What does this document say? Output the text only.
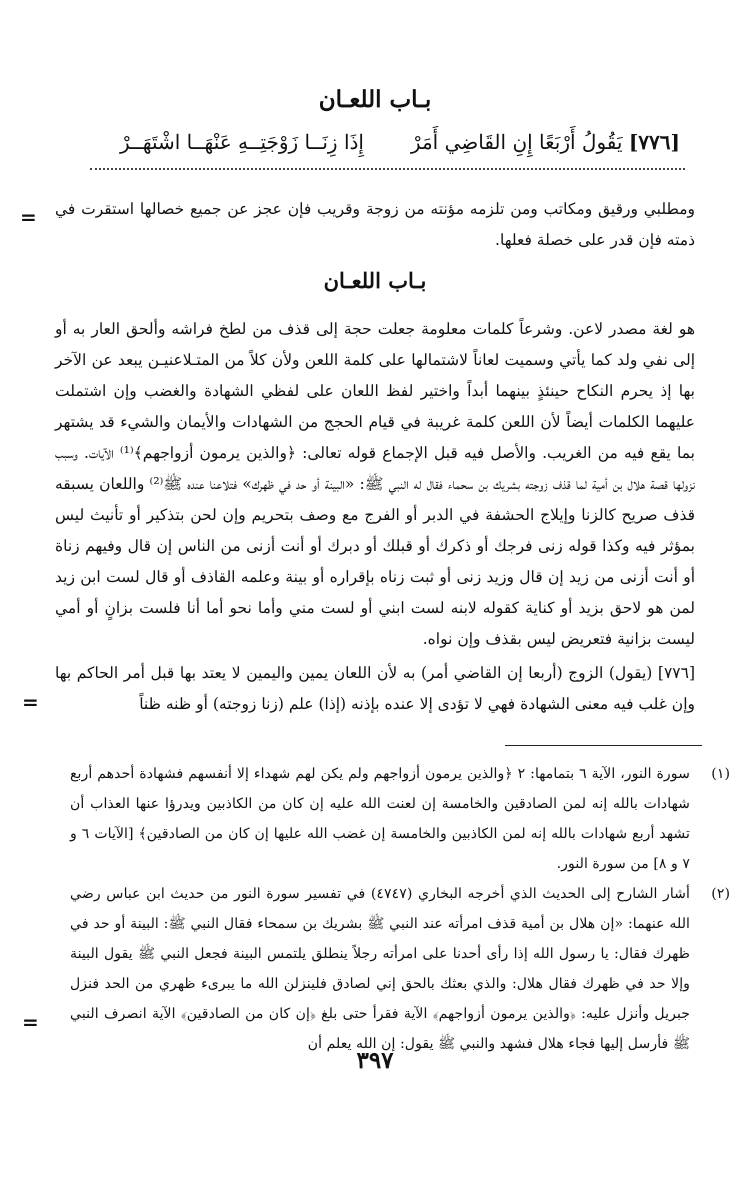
بـاب اللعـان
[٧٧٦] يَقُولُ أَرْبَعًا إِنِ القَاضِي أَمَرْ
إِذَا زِنَــا زَوْجَتِــهِ عَنْهَــا اشْتَهَــرْ
= ومطلبي ورقيق ومكاتب ومن تلزمه مؤنته من زوجة وقريب فإن عجز عن جميع خصالها استقرت في ذمته فإن قدر على خصلة فعلها.
بـاب اللعـان
هو لغة مصدر لاعن. وشرعاً كلمات معلومة جعلت حجة إلى قذف من لطخ فراشه وألحق العار به أو إلى نفي ولد كما يأتي وسميت لعاناً لاشتمالها على كلمة اللعن ولأن كلاً من المتـلاعنيـن يبعد عن الآخر بها إذ يحرم النكاح حينئذٍ بينهما أبداً واختير لفظ اللعان على لفظي الشهادة والغضب وإن اشتملت عليهما الكلمات أيضاً لأن اللعن كلمة غريبة في قيام الحجج من الشهادات والأيمان والشيء قد يشتهر بما يقع فيه من الغريب. والأصل فيه قبل الإجماع قوله تعالى: ﴿والذين يرمون أزواجهم﴾⁽¹⁾ الآيات. وسبب نزولها قصة هلال بن أمية لما قذف زوجته بشريك بن سحماء فقال له النبي ﷺ: «البينة أو حد في ظهرك» فتلاعنا عنده ﷺ⁽²⁾ واللعان يسبقه قذف صريح كالزنا وإيلاج الحشفة في الدبر أو الفرج مع وصف بتحريم وإن لحن بتذكير أو تأنيث ليس بمؤثر فيه وكذا قوله زنى فرجك أو ذكرك أو قبلك أو دبرك أو أنت أزنى من الناس إن قال وفيهم زناة أو أنت أزنى من زيد إن قال وزيد زنى أو ثبت زناه بإقراره أو بينة وعلمه القاذف أو قال لست ابن زيد لمن هو لاحق بزيد أو كناية كقوله لابنه لست ابني أو لست مني وأما نحو أما أنا فلست بزانٍ أو أمي ليست بزانية فتعريض ليس بقذف وإن نواه.
[٧٧٦] (يقول) الزوج (أربعا إن القاضي أمر) به لأن اللعان يمين واليمين لا يعتد بها قبل أمر الحاكم بها وإن غلب فيه معنى الشهادة فهي لا تؤدى إلا عنده بإذنه (إذا) علم (زنا زوجته) أو ظنه ظناً
=
(١)
سورة النور، الآية ٦ بتمامها: ٢ ﴿والذين يرمون أزواجهم ولم يكن لهم شهداء إلا أنفسهم فشهادة أحدهم أربع شهادات بالله إنه لمن الصادقين والخامسة إن لعنت الله عليه إن كان من الكاذبين ويدرؤا عنها العذاب أن تشهد أربع شهادات بالله إنه لمن الكاذبين والخامسة إن غضب الله عليها إن كان من الصادقين﴾ [الآيات ٦ و ٧ و ٨] من سورة النور.
(٢)
أشار الشارح إلى الحديث الذي أخرجه البخاري (٤٧٤٧) في تفسير سورة النور من حديث ابن عباس رضي الله عنهما: «إن هلال بن أمية قذف امرأته عند النبي ﷺ بشريك بن سمحاء فقال النبي ﷺ: البينة أو حد في ظهرك فقال: يا رسول الله إذا رأى أحدنا على امرأته رجلاً ينطلق يلتمس البينة فجعل النبي ﷺ يقول البينة وإلا حد في ظهرك فقال هلال: والذي بعثك بالحق إني لصادق فلينزلن الله ما يبرىء ظهري من الحد فنزل جبريل وأنزل عليه: ﴿والذين يرمون أزواجهم﴾ الآية فقرأ حتى بلغ ﴿إن كان من الصادقين﴾ الآية انصرف النبي ﷺ فأرسل إليها فجاء هلال فشهد والنبي ﷺ يقول: إن الله يعلم أن
=
٣٩٧
